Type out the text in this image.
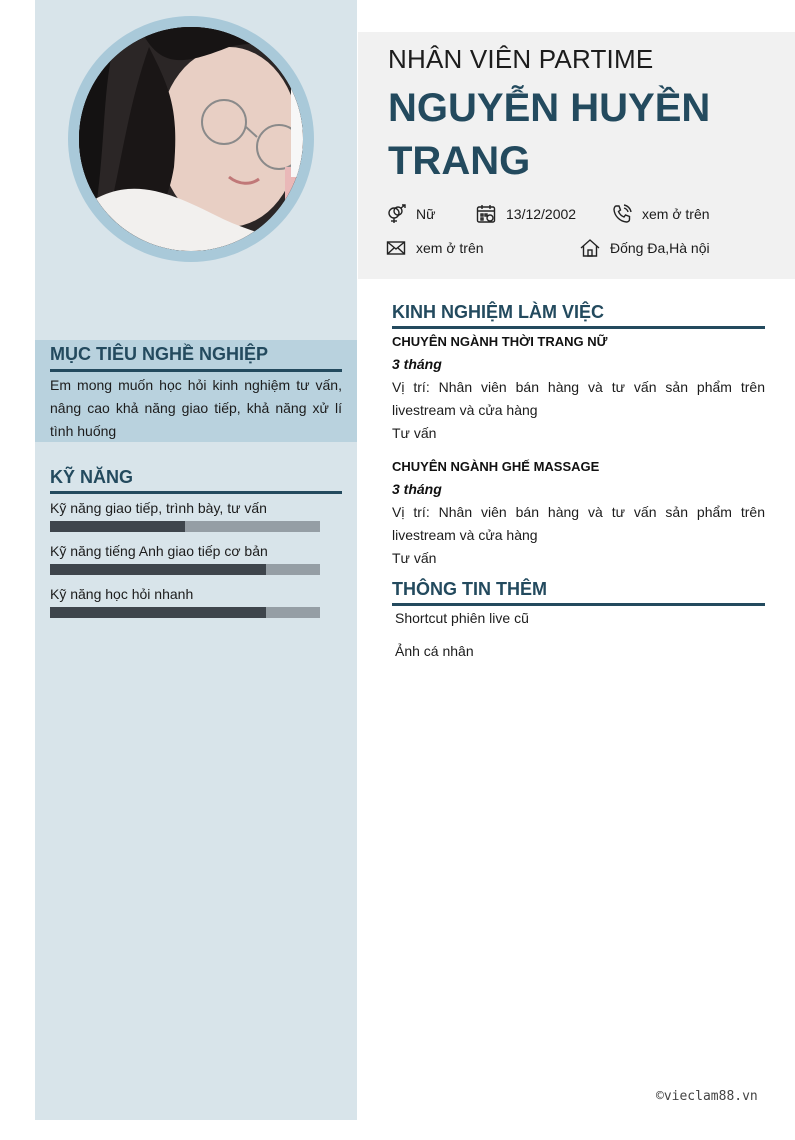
NHÂN VIÊN PARTIME
NGUYỄN HUYỀN TRANG
Nữ	13/12/2002	xem ở trên
xem ở trên	Đống Đa,Hà nội
MỤC TIÊU NGHỀ NGHIỆP
Em mong muốn học hỏi kinh nghiệm tư vấn, nâng cao khả năng giao tiếp, khả năng xử lí tình huống
KỸ NĂNG
Kỹ năng giao tiếp, trình bày, tư vấn
Kỹ năng tiếng Anh giao tiếp cơ bản
Kỹ năng học hỏi nhanh
KINH NGHIỆM LÀM VIỆC
CHUYÊN NGÀNH THỜI TRANG NỮ
3 tháng
Vị trí: Nhân viên bán hàng và tư vấn sản phẩm trên livestream và cửa hàng
Tư vấn
CHUYÊN NGÀNH GHẾ MASSAGE
3 tháng
Vị trí: Nhân viên bán hàng và tư vấn sản phẩm trên livestream và cửa hàng
Tư vấn
THÔNG TIN THÊM
Shortcut phiên live cũ
Ảnh cá nhân
©vieclam88.vn
